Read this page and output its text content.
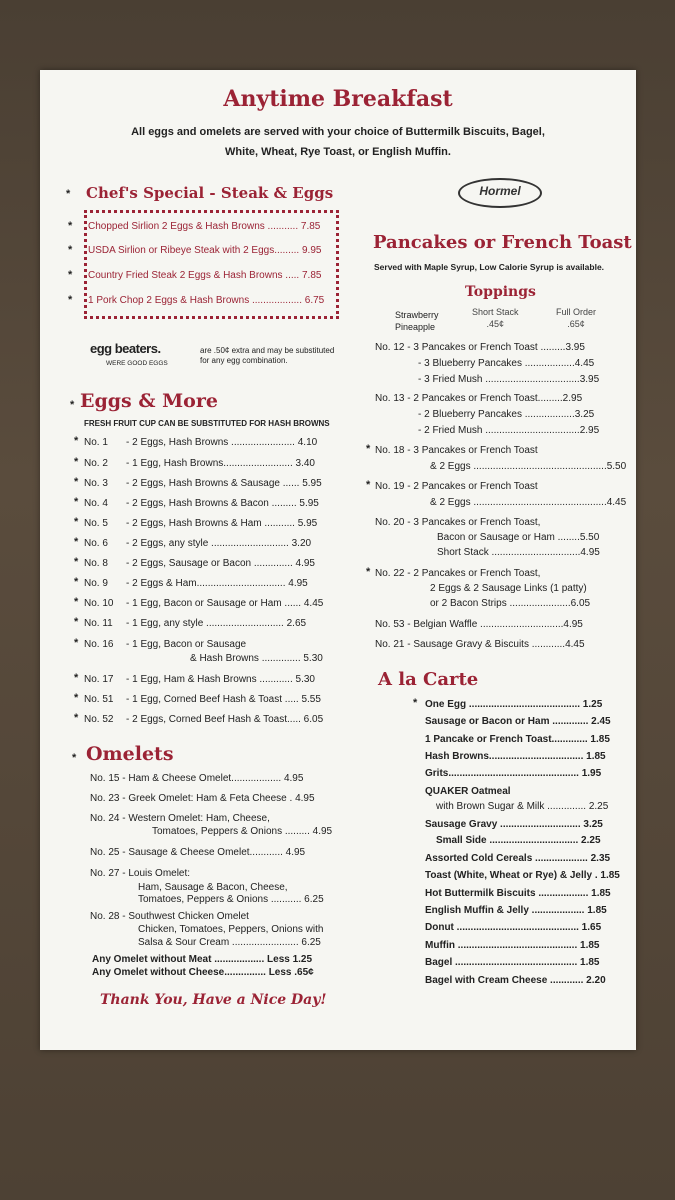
Anytime Breakfast
All eggs and omelets are served with your choice of Buttermilk Biscuits, Bagel,
White, Wheat, Rye Toast, or English Muffin.
* Chef's Special - Steak & Eggs
* Chopped Sirlion 2 Eggs & Hash Browns ........... 7.85
* USDA Sirlion or Ribeye Steak with 2 Eggs......... 9.95
* Country Fried Steak 2 Eggs & Hash Browns ..... 7.85
* 1 Pork Chop 2 Eggs & Hash Browns .................. 6.75
egg beaters.
WERE GOOD EGGS
are .50¢ extra and may be substituted
for any egg combination.
* Eggs & More
FRESH FRUIT CUP CAN BE SUBSTITUTED FOR HASH BROWNS
* No. 1 - 2 Eggs, Hash Browns ....................... 4.10
* No. 2 - 1 Egg, Hash Browns......................... 3.40
* No. 3 - 2 Eggs, Hash Browns & Sausage ...... 5.95
* No. 4 - 2 Eggs, Hash Browns & Bacon ......... 5.95
* No. 5 - 2 Eggs, Hash Browns & Ham ........... 5.95
* No. 6 - 2 Eggs, any style ............................ 3.20
* No. 8 - 2 Eggs, Sausage or Bacon .............. 4.95
* No. 9 - 2 Eggs & Ham................................ 4.95
* No. 10 - 1 Egg, Bacon or Sausage or Ham ...... 4.45
* No. 11 - 1 Egg, any style ............................ 2.65
* No. 16 - 1 Egg, Bacon or Sausage
& Hash Browns .............. 5.30
* No. 17 - 1 Egg, Ham & Hash Browns ............ 5.30
* No. 51 - 1 Egg, Corned Beef Hash & Toast ..... 5.55
* No. 52 - 2 Eggs, Corned Beef Hash & Toast..... 6.05
* Omelets
No. 15 - Ham & Cheese Omelet.................. 4.95
No. 23 - Greek Omelet: Ham & Feta Cheese . 4.95
No. 24 - Western Omelet: Ham, Cheese,
Tomatoes, Peppers & Onions ......... 4.95
No. 25 - Sausage & Cheese Omelet............ 4.95
No. 27 - Louis Omelet:
Ham, Sausage & Bacon, Cheese,
Tomatoes, Peppers & Onions ........... 6.25
No. 28 - Southwest Chicken Omelet
Chicken, Tomatoes, Peppers, Onions with
Salsa & Sour Cream ........................ 6.25
Any Omelet without Meat .................. Less 1.25
Any Omelet without Cheese............... Less .65¢
Thank You, Have a Nice Day!
Hormel
Pancakes or French Toast
Served with Maple Syrup, Low Calorie Syrup is available.
Toppings
Strawberry
Pineapple
Short Stack
.45¢
Full Order
.65¢
No. 12 - 3 Pancakes or French Toast .........3.95
- 3 Blueberry Pancakes ..................4.45
- 3 Fried Mush ..................................3.95
No. 13 - 2 Pancakes or French Toast.........2.95
- 2 Blueberry Pancakes ..................3.25
- 2 Fried Mush ..................................2.95
* No. 18 - 3 Pancakes or French Toast
& 2 Eggs ................................................5.50
* No. 19 - 2 Pancakes or French Toast
& 2 Eggs ................................................4.45
No. 20 - 3 Pancakes or French Toast,
Bacon or Sausage or Ham ........5.50
Short Stack ................................4.95
* No. 22 - 2 Pancakes or French Toast,
2 Eggs & 2 Sausage Links (1 patty)
or 2 Bacon Strips ......................6.05
No. 53 - Belgian Waffle ..............................4.95
No. 21 - Sausage Gravy & Biscuits ............4.45
A la Carte
* One Egg ........................................ 1.25
Sausage or Bacon or Ham ............. 2.45
1 Pancake or French Toast............. 1.85
Hash Browns.................................. 1.85
Grits............................................... 1.95
QUAKER Oatmeal
with Brown Sugar & Milk .............. 2.25
Sausage Gravy ............................. 3.25
Small Side ................................ 2.25
Assorted Cold Cereals ................... 2.35
Toast (White, Wheat or Rye) & Jelly . 1.85
Hot Buttermilk Biscuits .................. 1.85
English Muffin & Jelly ................... 1.85
Donut ............................................ 1.65
Muffin ........................................... 1.85
Bagel ............................................ 1.85
Bagel with Cream Cheese ............ 2.20
